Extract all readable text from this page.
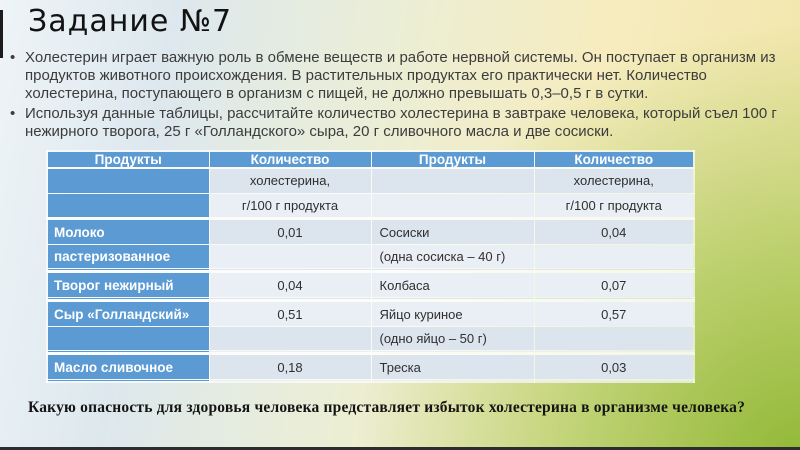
Задание №7
• Холестерин играет важную роль в обмене веществ и работе нервной системы. Он поступает в организм из продуктов животного происхождения. В растительных продуктах его практически нет. Количество холестерина, поступающего в организм с пищей, не должно превышать 0,3–0,5 г в сутки.
• Используя данные таблицы, рассчитайте количество холестерина в завтраке человека, который съел 100 г нежирного творога, 25 г «Голландского» сыра, 20 г сливочного масла и две сосиски.
Продукты	Количество	Продукты	Количество
	холестерина,		холестерина,
	г/100 г продукта		г/100 г продукта
Молоко	0,01	Сосиски	0,04
пастеризованное		(одна сосиска – 40 г)	

Творог нежирный	0,04	Колбаса	0,07

Сыр «Голландский»	0,51	Яйцо куриное	0,57
		(одно яйцо – 50 г)	

Масло сливочное	0,18	Треска	0,03

Какую опасность для здоровья человека представляет избыток холестерина в организме человека?
